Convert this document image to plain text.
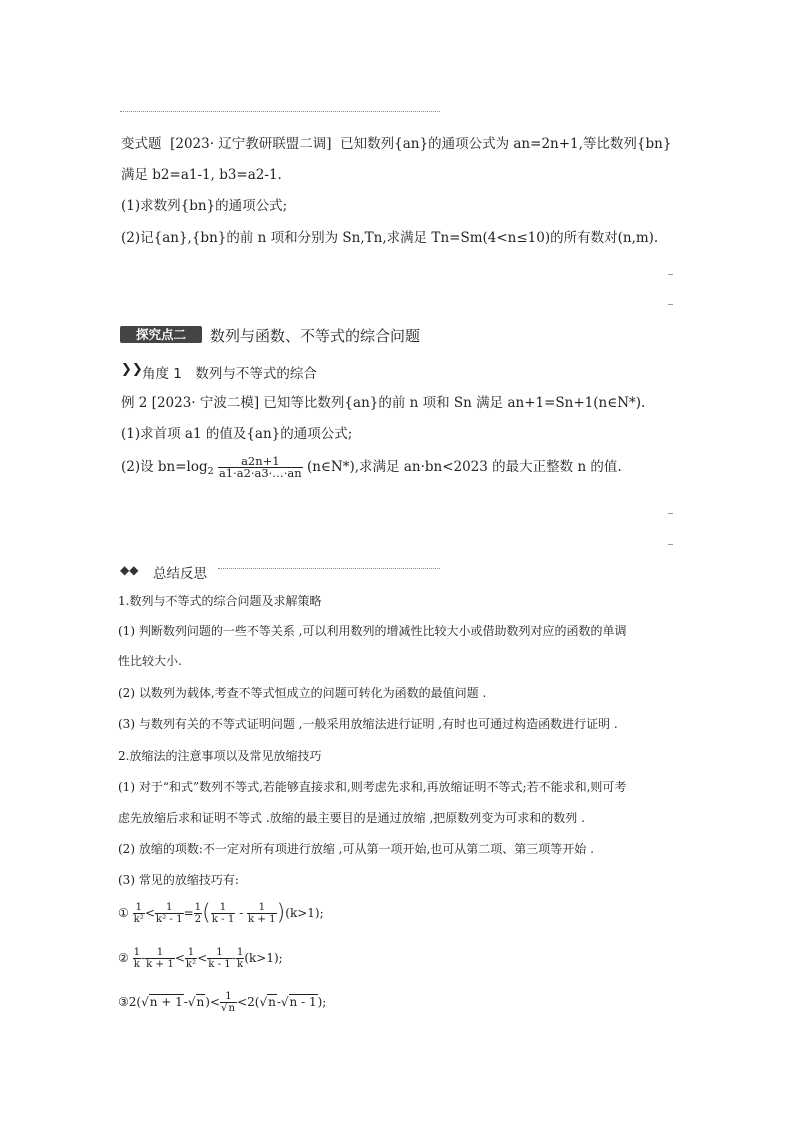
变式题 [2023· 辽宁教研联盟二调] 已知数列{an}的通项公式为 an=2n+1,等比数列{bn}
满足 b2=a1-1, b3=a2-1.
(1)求数列{bn}的通项公式;
(2)记{an},{bn}的前 n 项和分别为 Sn,Tn,求满足 Tn=Sm(4<n≤10)的所有数对(n,m).
探究点二	数列与函数、不等式的综合问题
❯❯ 角度 1　数列与不等式的综合
例 2 [2023· 宁波二模] 已知等比数列{an}的前 n 项和 Sn 满足 an+1=Sn+1(n∈N*).
(1)求首项 a1 的值及{an}的通项公式;
(2)设 $bn=\log_2 \frac{a2n+1}{a1\cdot a2\cdot a3\cdot\dots\cdot an}$ (n∈N*),求满足 an·bn<2023 的最大正整数 n 的值.
◆◆ 总结反思
1.数列与不等式的综合问题及求解策略
(1) 判断数列问题的一些不等关系 ,可以利用数列的增减性比较大小或借助数列对应的函数的单调
性比较大小.
(2) 以数列为载体,考查不等式恒成立的问题可转化为函数的最值问题 .
(3) 与数列有关的不等式证明问题 ,一般采用放缩法进行证明 ,有时也可通过构造函数进行证明 .
2.放缩法的注意事项以及常见放缩技巧
(1) 对于“和式”数列不等式,若能够直接求和,则考虑先求和,再放缩证明不等式;若不能求和,则可考
虑先放缩后求和证明不等式 .放缩的最主要目的是通过放缩 ,把原数列变为可求和的数列 .
(2) 放缩的项数:不一定对所有项进行放缩 ,可从第一项开始,也可从第二项、第三项等开始 .
(3) 常见的放缩技巧有:
① $\frac{1}{\text{k²}} < \frac{1}{\text{k² - 1}} = \frac{1}{2}$ ( $\frac{1}{k - 1} - \frac{1}{k + 1} )(k>1)$;
② $\frac{1}{k} - \frac{1}{k + 1} < \frac{1}{\text{k²}} < \frac{1}{k - 1} - \frac{1}{k} (k>1)$;
③2(√n + $1-√n)< \frac{1}{√n} <2(√n-√n - 1)$;
